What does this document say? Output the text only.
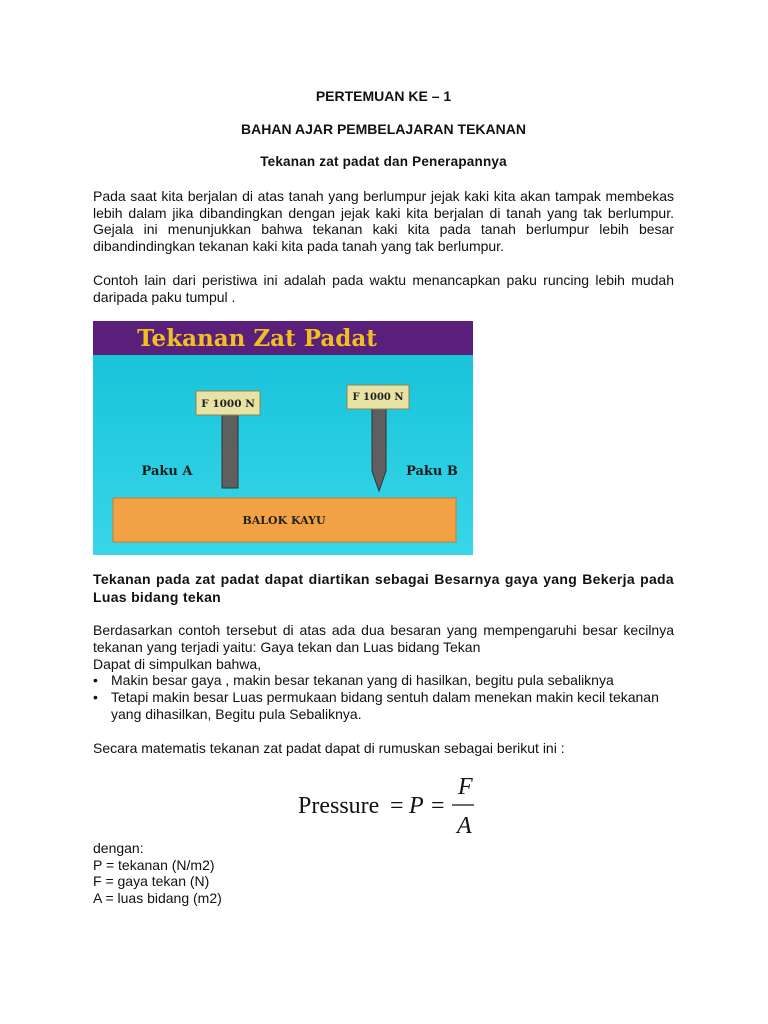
PERTEMUAN KE – 1
BAHAN AJAR PEMBELAJARAN TEKANAN
Tekanan zat padat dan Penerapannya
Pada saat kita berjalan di atas tanah yang berlumpur jejak kaki kita akan tampak membekas lebih dalam jika dibandingkan dengan jejak kaki kita berjalan di tanah yang tak berlumpur. Gejala ini menunjukkan bahwa tekanan kaki kita pada tanah berlumpur lebih besar dibandindingkan tekanan kaki kita pada tanah yang tak berlumpur.
Contoh lain dari peristiwa ini adalah pada waktu menancapkan paku runcing lebih mudah daripada paku tumpul .
Tekanan Zat Padat
F 1000 N
F 1000 N
Paku A	Paku B
BALOK KAYU
Tekanan pada zat padat dapat diartikan sebagai Besarnya gaya yang Bekerja pada Luas bidang tekan
Berdasarkan contoh tersebut di atas ada dua besaran yang mempengaruhi besar kecilnya tekanan yang terjadi yaitu: Gaya tekan dan Luas bidang Tekan
Dapat di simpulkan bahwa,
• Makin besar gaya , makin besar tekanan yang di hasilkan, begitu pula sebaliknya
• Tetapi makin besar Luas permukaan bidang sentuh dalam menekan makin kecil tekanan yang dihasilkan, Begitu pula Sebaliknya.
Secara matematis tekanan zat padat dapat di rumuskan sebagai berikut ini :
Pressure = P =
F
A
dengan:
P = tekanan (N/m2)
F = gaya tekan (N)
A = luas bidang (m2)
